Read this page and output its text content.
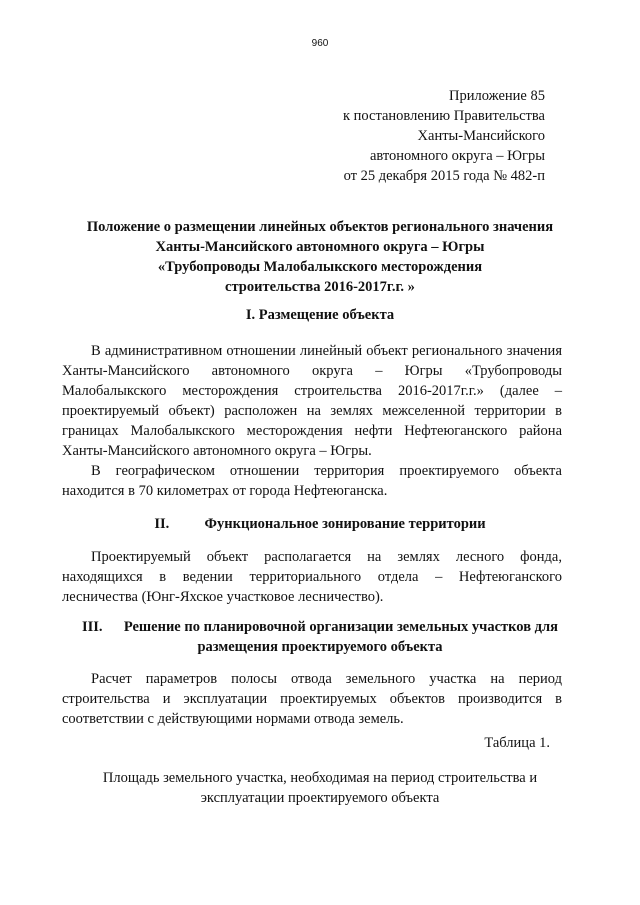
960
Приложение 85
к постановлению Правительства
Ханты-Мансийского
автономного округа – Югры
от 25 декабря 2015 года № 482-п
Положение о размещении линейных объектов регионального значения
Ханты-Мансийского автономного округа – Югры
«Трубопроводы Малобалыкского месторождения
строительства 2016-2017г.г. »
I. Размещение объекта

В административном отношении линейный объект регионального значения Ханты-Мансийского автономного округа – Югры «Трубопроводы Малобалыкского месторождения строительства 2016-2017г.г.» (далее – проектируемый объект) расположен на землях межселенной территории в границах Малобалыкского месторождения нефти Нефтеюганского района Ханты-Мансийского автономного округа – Югры.

В географическом отношении территория проектируемого объекта находится в 70 километрах от города Нефтеюганска.

II. Функциональное зонирование территории

Проектируемый объект располагается на землях лесного фонда, находящихся в ведении территориального отдела – Нефтеюганского лесничества (Юнг-Яхское участковое лесничество).

III. Решение по планировочной организации земельных участков для
размещения проектируемого объекта

Расчет параметров полосы отвода земельного участка на период строительства и эксплуатации проектируемых объектов производится в соответствии с действующими нормами отвода земель.

Таблица 1.
Площадь земельного участка, необходимая на период строительства и
эксплуатации проектируемого объекта
